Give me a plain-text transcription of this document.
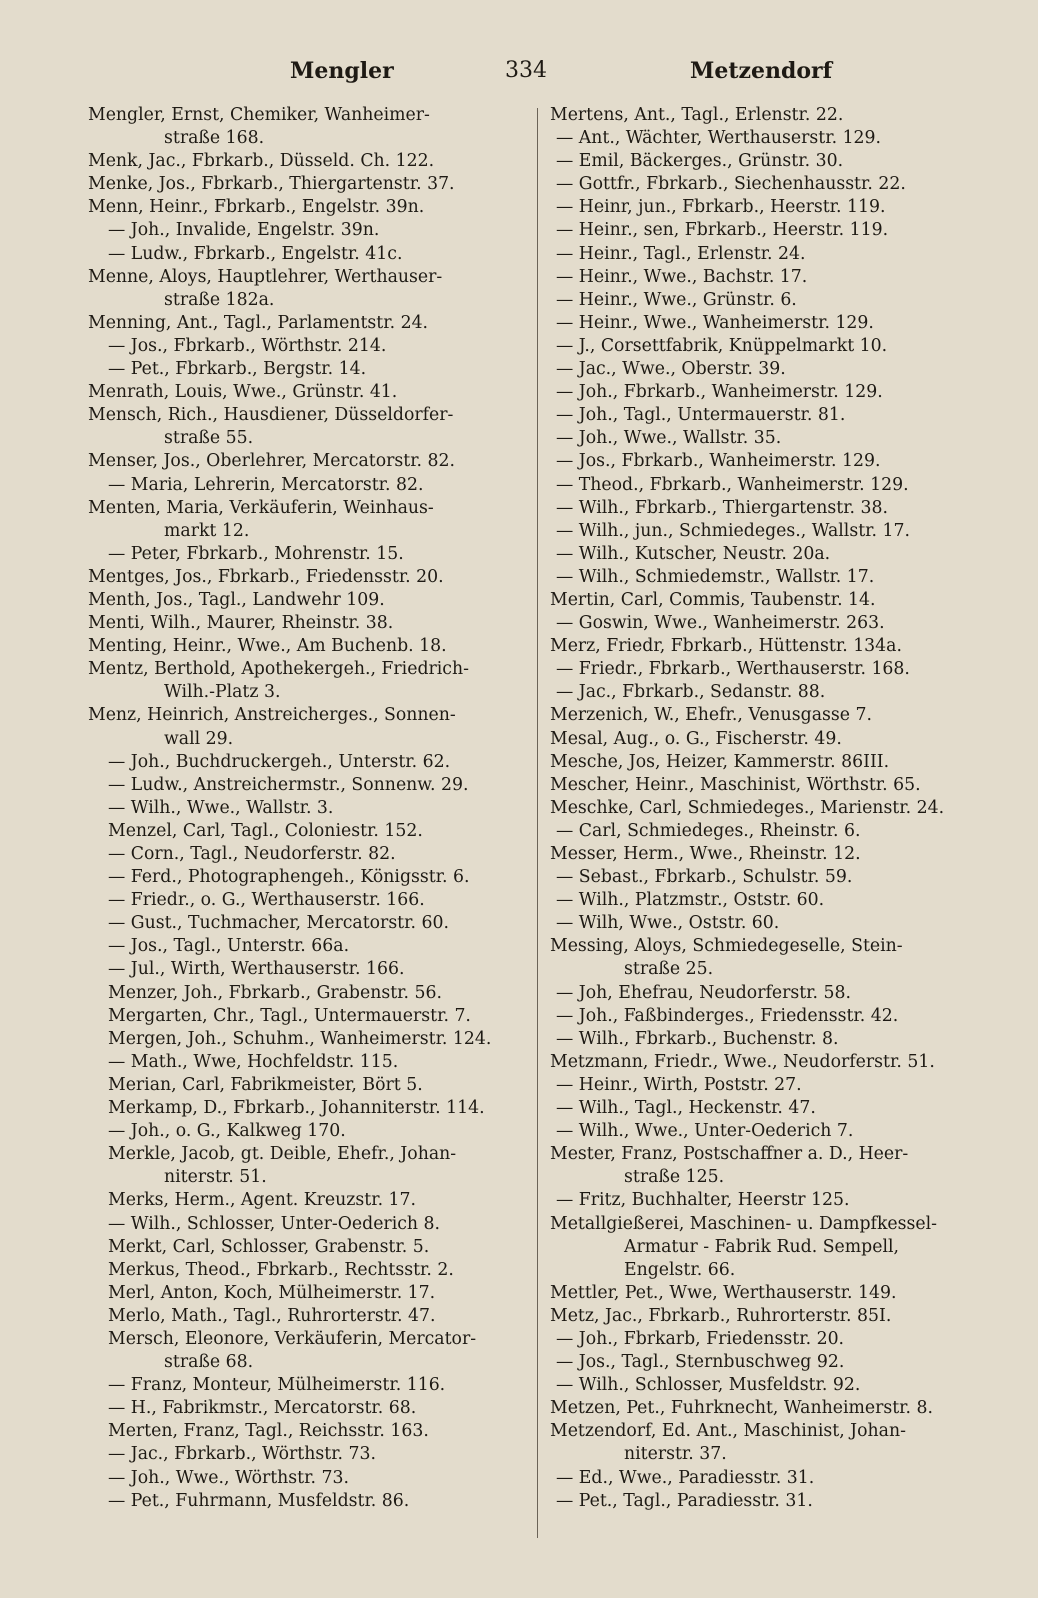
Mengler	334	Metzendorf
Mengler, Ernst, Chemiker, Wanheimer-
straße 168.
Menk, Jac., Fbrkarb., Düsseld. Ch. 122.
Menke, Jos., Fbrkarb., Thiergartenstr. 37.
Menn, Heinr., Fbrkarb., Engelstr. 39n.
— Joh., Invalide, Engelstr. 39n.
— Ludw., Fbrkarb., Engelstr. 41c.
Menne, Aloys, Hauptlehrer, Werthauser-
straße 182a.
Menning, Ant., Tagl., Parlamentstr. 24.
— Jos., Fbrkarb., Wörthstr. 214.
— Pet., Fbrkarb., Bergstr. 14.
Menrath, Louis, Wwe., Grünstr. 41.
Mensch, Rich., Hausdiener, Düsseldorfer-
straße 55.
Menser, Jos., Oberlehrer, Mercatorstr. 82.
— Maria, Lehrerin, Mercatorstr. 82.
Menten, Maria, Verkäuferin, Weinhaus-
markt 12.
— Peter, Fbrkarb., Mohrenstr. 15.
Mentges, Jos., Fbrkarb., Friedensstr. 20.
Menth, Jos., Tagl., Landwehr 109.
Menti, Wilh., Maurer, Rheinstr. 38.
Menting, Heinr., Wwe., Am Buchenb. 18.
Mentz, Berthold, Apothekergeh., Friedrich-
Wilh.-Platz 3.
Menz, Heinrich, Anstreicherges., Sonnen-
wall 29.
— Joh., Buchdruckergeh., Unterstr. 62.
— Ludw., Anstreichermstr., Sonnenw. 29.
— Wilh., Wwe., Wallstr. 3.
Menzel, Carl, Tagl., Coloniestr. 152.
— Corn., Tagl., Neudorferstr. 82.
— Ferd., Photographengeh., Königsstr. 6.
— Friedr., o. G., Werthauserstr. 166.
— Gust., Tuchmacher, Mercatorstr. 60.
— Jos., Tagl., Unterstr. 66a.
— Jul., Wirth, Werthauserstr. 166.
Menzer, Joh., Fbrkarb., Grabenstr. 56.
Mergarten, Chr., Tagl., Untermauerstr. 7.
Mergen, Joh., Schuhm., Wanheimerstr. 124.
— Math., Wwe, Hochfeldstr. 115.
Merian, Carl, Fabrikmeister, Bört 5.
Merkamp, D., Fbrkarb., Johanniterstr. 114.
— Joh., o. G., Kalkweg 170.
Merkle, Jacob, gt. Deible, Ehefr., Johan-
niterstr. 51.
Merks, Herm., Agent. Kreuzstr. 17.
— Wilh., Schlosser, Unter-Oederich 8.
Merkt, Carl, Schlosser, Grabenstr. 5.
Merkus, Theod., Fbrkarb., Rechtsstr. 2.
Merl, Anton, Koch, Mülheimerstr. 17.
Merlo, Math., Tagl., Ruhrorterstr. 47.
Mersch, Eleonore, Verkäuferin, Mercator-
straße 68.
— Franz, Monteur, Mülheimerstr. 116.
— H., Fabrikmstr., Mercatorstr. 68.
Merten, Franz, Tagl., Reichsstr. 163.
— Jac., Fbrkarb., Wörthstr. 73.
— Joh., Wwe., Wörthstr. 73.
— Pet., Fuhrmann, Musfeldstr. 86.
Mertens, Ant., Tagl., Erlenstr. 22.
— Ant., Wächter, Werthauserstr. 129.
— Emil, Bäckerges., Grünstr. 30.
— Gottfr., Fbrkarb., Siechenhausstr. 22.
— Heinr, jun., Fbrkarb., Heerstr. 119.
— Heinr., sen, Fbrkarb., Heerstr. 119.
— Heinr., Tagl., Erlenstr. 24.
— Heinr., Wwe., Bachstr. 17.
— Heinr., Wwe., Grünstr. 6.
— Heinr., Wwe., Wanheimerstr. 129.
— J., Corsettfabrik, Knüppelmarkt 10.
— Jac., Wwe., Oberstr. 39.
— Joh., Fbrkarb., Wanheimerstr. 129.
— Joh., Tagl., Untermauerstr. 81.
— Joh., Wwe., Wallstr. 35.
— Jos., Fbrkarb., Wanheimerstr. 129.
— Theod., Fbrkarb., Wanheimerstr. 129.
— Wilh., Fbrkarb., Thiergartenstr. 38.
— Wilh., jun., Schmiedeges., Wallstr. 17.
— Wilh., Kutscher, Neustr. 20a.
— Wilh., Schmiedemstr., Wallstr. 17.
Mertin, Carl, Commis, Taubenstr. 14.
— Goswin, Wwe., Wanheimerstr. 263.
Merz, Friedr, Fbrkarb., Hüttenstr. 134a.
— Friedr., Fbrkarb., Werthauserstr. 168.
— Jac., Fbrkarb., Sedanstr. 88.
Merzenich, W., Ehefr., Venusgasse 7.
Mesal, Aug., o. G., Fischerstr. 49.
Mesche, Jos, Heizer, Kammerstr. 86III.
Mescher, Heinr., Maschinist, Wörthstr. 65.
Meschke, Carl, Schmiedeges., Marienstr. 24.
— Carl, Schmiedeges., Rheinstr. 6.
Messer, Herm., Wwe., Rheinstr. 12.
— Sebast., Fbrkarb., Schulstr. 59.
— Wilh., Platzmstr., Oststr. 60.
— Wilh, Wwe., Oststr. 60.
Messing, Aloys, Schmiedegeselle, Stein-
straße 25.
— Joh, Ehefrau, Neudorferstr. 58.
— Joh., Faßbinderges., Friedensstr. 42.
— Wilh., Fbrkarb., Buchenstr. 8.
Metzmann, Friedr., Wwe., Neudorferstr. 51.
— Heinr., Wirth, Poststr. 27.
— Wilh., Tagl., Heckenstr. 47.
— Wilh., Wwe., Unter-Oederich 7.
Mester, Franz, Postschaffner a. D., Heer-
straße 125.
— Fritz, Buchhalter, Heerstr 125.
Metallgießerei, Maschinen- u. Dampfkessel-
Armatur - Fabrik Rud. Sempell,
Engelstr. 66.
Mettler, Pet., Wwe, Werthauserstr. 149.
Metz, Jac., Fbrkarb., Ruhrorterstr. 85I.
— Joh., Fbrkarb, Friedensstr. 20.
— Jos., Tagl., Sternbuschweg 92.
— Wilh., Schlosser, Musfeldstr. 92.
Metzen, Pet., Fuhrknecht, Wanheimerstr. 8.
Metzendorf, Ed. Ant., Maschinist, Johan-
niterstr. 37.
— Ed., Wwe., Paradiesstr. 31.
— Pet., Tagl., Paradiesstr. 31.
